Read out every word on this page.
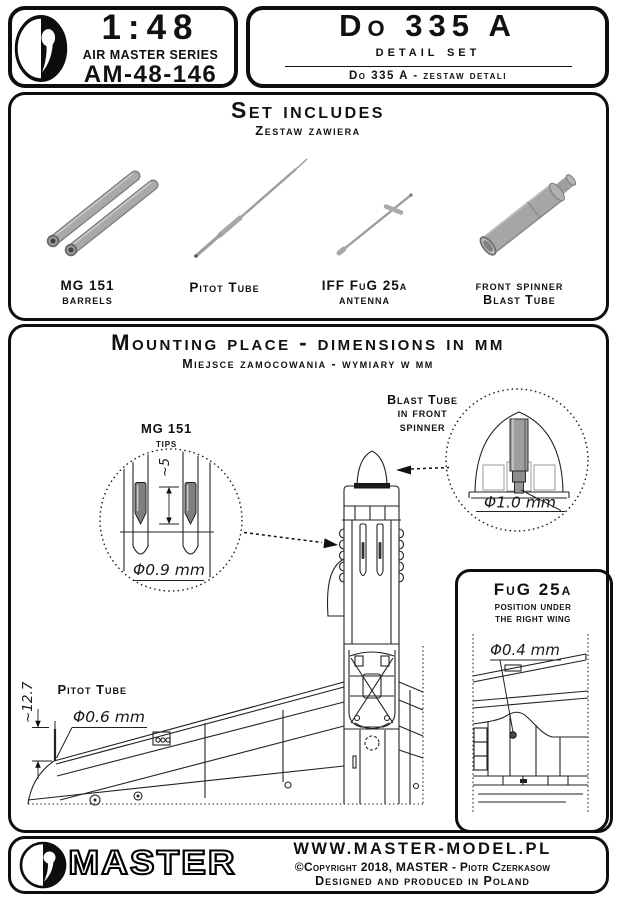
1:48
AIR MASTER SERIES
AM-48-146
Do 335 A
detail set
Do 335 A - zestaw detali
Set includes
Zestaw zawiera
MG 151
barrels
Pitot Tube	IFF FuG 25a
antenna
front spinner
Blast Tube
Mounting place - dimensions in mm
Miejsce zamocowania - wymiary w mm
~5
Φ0.9 mm
Φ1.0 mm
~12.7 Φ0.6 mm
Φ0.4 mm
MG 151
tips
Blast Tube
in front
spinner
Pitot Tube
FuG 25a
position under
the right wing
MASTER	WWW.MASTER-MODEL.PL
©Copyright 2018, MASTER - Piotr Czerkasow
Designed and produced in Poland
